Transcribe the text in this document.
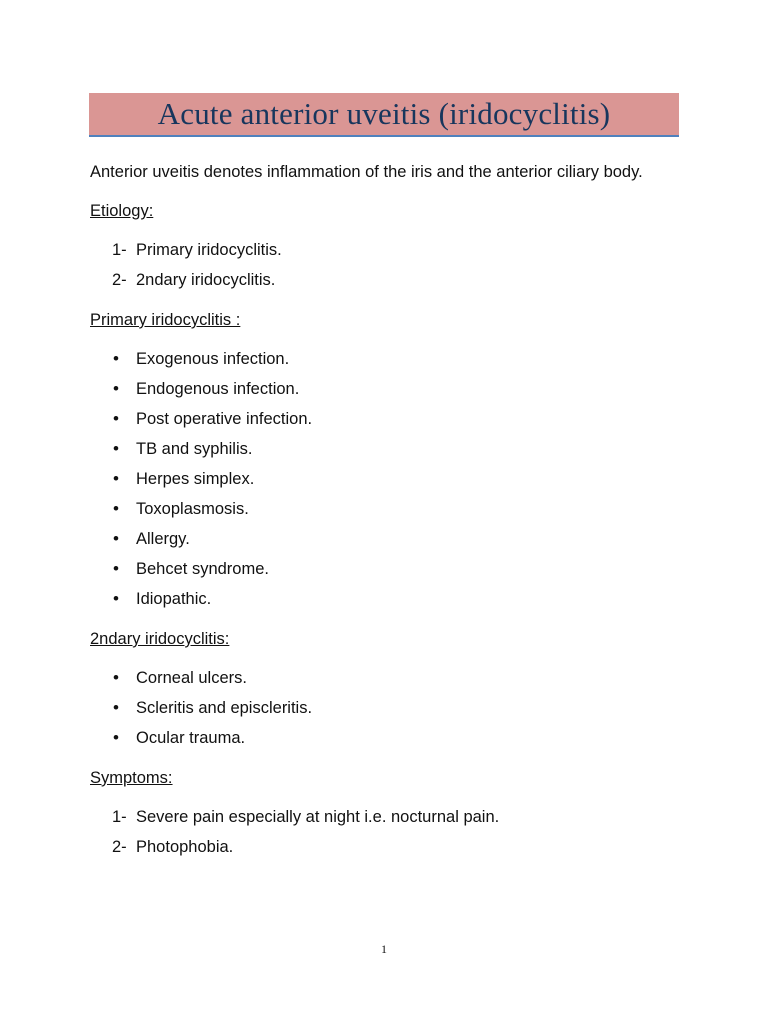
Acute anterior uveitis (iridocyclitis)

Anterior uveitis denotes inflammation of the iris and the anterior ciliary body.

Etiology:

1- Primary iridocyclitis.
2- 2ndary iridocyclitis.

Primary iridocyclitis :

• Exogenous infection.
• Endogenous infection.
• Post operative infection.
• TB and syphilis.
• Herpes simplex.
• Toxoplasmosis.
• Allergy.
• Behcet syndrome.
• Idiopathic.

2ndary iridocyclitis:

• Corneal ulcers.
• Scleritis and episcleritis.
• Ocular trauma.

Symptoms:

1- Severe pain especially at night i.e. nocturnal pain.
2- Photophobia.
1
